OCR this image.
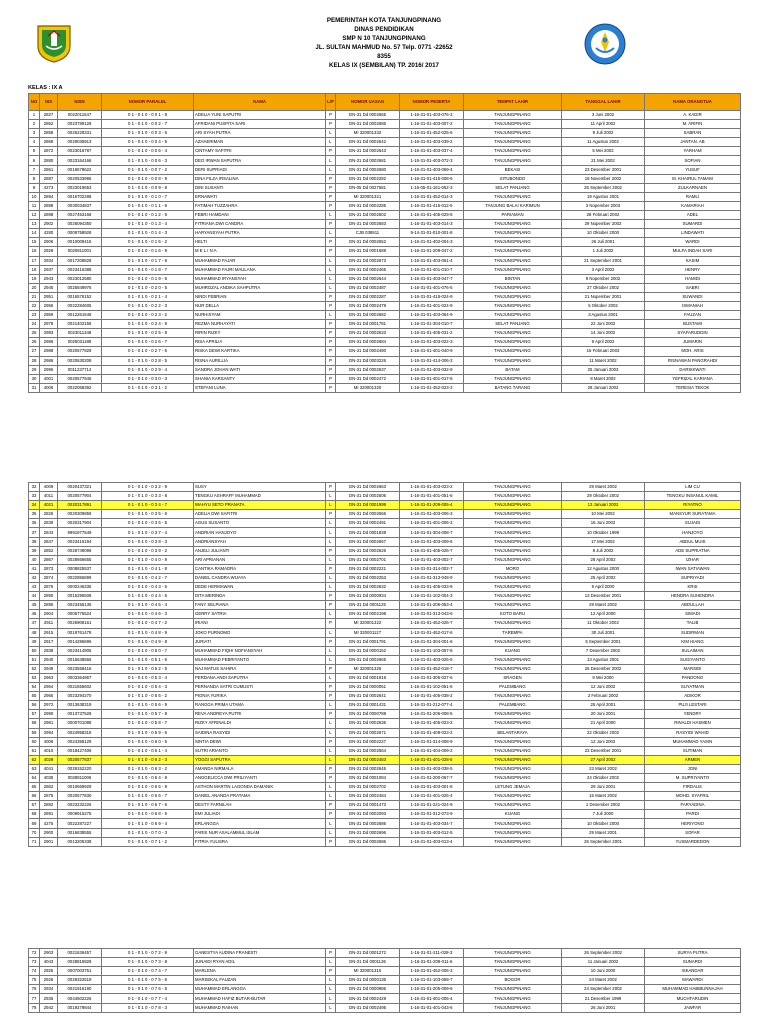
PEMERINTAH KOTA TANJUNGPINANG
DINAS PENDIDIKAN
SMP N 10 TANJUNGPINANG
JL. SULTAN MAHMUD No. 57 Telp. 0771 -22652
8355
KELAS IX (SEMBILAN) TP. 2016/ 2017
KELAS : IX A
NO	NIS	NISN	NOMOR PARALEL	NAMA	L/P	NOMOR UASAN	NOMOR PESERTA	TEMPAT LAHIR	TANGGAL LAHIR	NAMA ORANGTUA
1	2827	0022011547	0 1 - 0 1 0 - 0 0 1 - 8	ADELIA YUNI SAPUTRI	P	DN-31 Dd 0002665	1-16-31-01-403-076-3	TANJUNGPINANG	3 Juni 2002	A. KADIR
2	2852	0023789128	0 1 - 0 1 0 - 0 0 2 - 7	AFRIDANI PUSPITA SARI	P	DN-31 Dd 0002686	1-16-31-01-403-007-2	TANJUNGPINANG	11 April 2002	M. ARIFIN
3	2858	0026228331	0 1 - 0 1 0 - 0 0 3 - 6	ARI SYAH PUTRA	L	MI 320001332	1-16-31-01-452-025-6	TANJUNGPINANG	9 Juli 2002	SABRAN
4	2868	0029035913	0 1 - 0 1 0 - 0 0 4 - 5	AZHAERIMAN	L	DN-31 Dd 0002642	1-16-31-01-403-039-2	TANJUNGPINANG	11 Agustus 2002	JANTAN. AB
5	2872	0023016797	0 1 - 0 1 0 - 0 0 5 - 4	CINTAMY SAFITRI	P	DN-31 Dd 0002643	1-16-31-01-403-037-4	TANJUNGPINANG	5 Mei 2002	YARHAM
6	2880	0023164166	0 1 - 0 1 0 - 0 0 6 - 3	DEO IRWAN SAPUTRA	L	DN-31 Dd 0002681	1-16-31-01-403-072-3	TANJUNGPINANG	21 Mei 2002	SOFIAN
7	2861	0019678622	0 1 - 0 1 0 - 0 0 7 - 2	DERI SUPRIADI	L	DN-31 Dd 0002680	1-16-31-01-403-069-4	BEKASI	23 Desember 2001	YUSUF
8	2887	0020533995	0 1 - 0 1 0 - 0 0 8 - 9	DINA FILZA IRSALINA	P	DN-31 Dd 0002282	1-16-31-01-415-008-6	SITUBONDO	18 November 2002	M. KHAIRUL TAMAM
9	4273	0023019653	0 1 - 0 1 0 - 0 0 9 - 8	DINI SUSANTI	P	DN-05 Dd 0027581	1-16-05-01-161-062-3	SELAT PANJANG	26 September 2002	ZULKARNAEN
10	2894	0016702288	0 1 - 0 1 0 - 0 1 0 - 7	ERNAWATI	P	MI 320001321	1-16-31-01-452-014-3	TANJUNGPINANG	19 Agustus 2001	RAMLI
11	2898	0030034837	0 1 - 0 1 0 - 0 1 1 - 6	FATIMAH TUZZAHRA	P	DN-31 Dd 0002285	1-16-31-01-415-012-5	TANJUNG BALAI KARIMUN	3 Nopember 2003	KAMARIAH
12	2898	0027453168	0 1 - 0 1 0 - 0 1 2 - 5	FEBRI HAMDANI	L	DN-31 Dd 0002602	1-16-31-01-405-029-5	PARIAMAN	28 Februari 2002	ADEL
13	2902	0026094350	0 1 - 0 1 0 - 0 1 3 - 4	FITRIANA DWI CANDRA	P	DN-31 Dd 0002683	1-16-31-01-403-014-3	TANJUNGPINANG	29 Nopember 2002	SUMARDI
14	4280	0009758928	0 1 - 0 1 0 - 0 1 4 - 3	HARYANSYAH PUTRA	L	CJB 038911	9-14-31-01-010-001-8	TANJUNGPINANG	10 Oktober 2000	LINDAWATI
15	2906	0010009416	0 1 - 0 1 0 - 0 1 5 - 2	HELTI	P	DN-31 Dd 0002652	1-16-31-01-402-004-3	TANJUNGPINANG	26 Juli 2001	WARDI
16	2928	0020811001	0 1 - 0 1 0 - 0 1 6 - 9	M E L I N A	P	DN-31 Dd 0001689	1-16-31-01-209-047-2	TANJUNGPINANG	1 Juli 2002	MULFA INDAH SARI
17	2934	0017208828	0 1 - 0 1 0 - 0 1 7 - 8	MUHAMMAD FAJAR	L	DN-31 Dd 0002673	1-16-31-01-403-061-4	TANJUNGPINANG	21 September 2001	KASIM
18	2937	0023416388	0 1 - 0 1 0 - 0 1 8 - 7	MUHAMMAD FAJRI MAULANA	L	DN-31 Dd 0002465	1-16-31-01-401-010-7	TANJUNGPINANG	3 April 2002	HENRY
19	2943	0023012580	0 1 - 0 1 0 - 0 1 9 - 6	MUHAMMAD IRYANSYAH	L	DN-31 Dd 0002644	1-16-31-01-403-047-7	BINTAN	9 Nopember 2002	HAMIDI
20	2945	0025849976	0 1 - 0 1 0 - 0 2 0 - 5	MUHROZAL ANDIKA SAHPUTRA	L	DN-31 Dd 0002487	1-16-31-01-401-076-5	TANJUNGPINANG	27 Oktober 2002	SABRI
21	2951	0016576152	0 1 - 0 1 0 - 0 2 1 - 4	NINDI FEBRIAN	P	DN-31 Dd 0002287	1-16-31-01-415-024-9	TANJUNGPINANG	21 Nopember 2001	SUWANDI
22	2956	0022284605	0 1 - 0 1 0 - 0 2 2 - 3	NUR DELLA	P	DN-31 Dd 0002479	1-16-31-01-401-024-9	TANJUNGPINANG	5 Oktober 2002	ISMANIAH
23	2959	0012261548	0 1 - 0 1 0 - 0 2 3 - 2	NURHISYAM	L	DN-31 Dd 0002682	1-16-31-01-403-064-9	TANJUNGPINANG	3 Agustus 2001	FAUZAN
24	2978	0021402158	0 1 - 0 1 0 - 0 2 4 - 9	REZMA NURHAYATI	P	DN-31 Dd 0001781	1-16-31-01-304-010-7	SELAT PANJANG	22 Juni 2002	BUSTAMI
25	2983	0023011348	0 1 - 0 1 0 - 0 2 5 - 8	RIRIN RIZKY	P	DN-31 Dd 0002633	1-16-31-01-405-031-2	TANJUNGPINANG	14 Juni 2002	SYAFARUDDIN
26	2986	0025031188	0 1 - 0 1 0 - 0 2 6 - 7	RISA APRILIA	P	DN-31 Dd 0002684	1-16-31-01-403-022-3	TANJUNGPINANG	9 April 2002	JUMARIN
27	2988	0020577929	0 1 - 0 1 0 - 0 2 7 - 6	RISKA DEWI KARTIKA	P	DN-31 Dd 0002490	1-16-31-01-401-040-9	TANJUNGPINANG	16 Februari 2003	MOH. ARIS
28	2986	0020630208	0 1 - 0 1 0 - 0 2 8 - 5	RISNA AURILLIA	P	DN-31 Dd 0003226	1-16-31-01-414-006-3	TANJUNGPINANG	11 Maret 2002	RISNAWAN PANGRAHDI
29	2996	0011237714	0 1 - 0 1 0 - 0 2 9 - 4	SANDRA JOHAN WATI	P	DN-31 Dd 0002637	1-16-31-01-403-032-9	BATAM	25 Januari 2003	DARSIKWATI
30	4001	0020577946	0 1 - 0 1 0 - 0 3 0 - 3	SHANIA KARSANTY	P	DN-31 Dd 0002472	1-16-31-01-401-017-8	TANJUNGPINANG	8 Maret 2002	YEFRIZAL KARIANA
31	4006	0022068392	0 1 - 0 1 0 - 0 3 1 - 2	STEFANI LUNA	P	MI 320001320	1-16-31-01-452-023-3	BATANG TARANG	28 Januari 2002	TERESIA TEKOK
32	4009	0020437321	0 1 - 0 1 0 - 0 3 2 - 9	SUSY	P	DN-31 Dd 0002663	1-16-31-01-403-023-2	TANJUNGPINANG	29 Maret 2002	LIM CU
33	4011	0020577904	0 1 - 0 1 0 - 0 3 3 - 8	TENGKU ASHRAFF MUHAMMAD	L	DN-31 Dd 0002506	1-16-31-01-401-051-6	TANJUNGPINANG	29 Oktober 2002	TENGKU INSANUL KAMIL
34	4021	0020317891	0 1 - 0 1 0 - 0 3 4 - 7	WAHYU SETO PRANATA	L	DN-31 Dd 0001999	1-16-31-01-209-005-4	TANJUNGPINANG	13 Januari 2002	RIYATNO
35	2826	0020309859	0 1 - 0 1 0 - 0 3 5 - 6	ADELIA DWI SAFITRI	P	DN-31 Dd 0002666	1-16-31-01-403-006-3	TANJUNGPINANG	10 Mei 2002	MANSYUR SURATAMA
36	2839	0020317904	0 1 - 0 1 0 - 0 3 6 - 5	AGUS SUSANTO	L	DN-31 Dd 0002491	1-16-31-01-401-006-3	TANJUNGPINANG	16 Juni 2002	SUJADI
37	2843	9991977549	0 1 - 0 1 0 - 0 3 7 - 4	ANDRIAN HANJOYO	L	DN-31 Dd 0001838	1-16-31-01-304-008-7	TANJUNGPINANG	10 Oktober 1999	HANJOYO
38	2847	0023416194	0 1 - 0 1 0 - 0 3 8 - 3	ANDRIANSYAH	L	DN-31 Dd 0002667	1-16-31-01-403-009-6	TANJUNGPINANG	17 Mei 2002	ABDUL MUIS
39	2852	0028749096	0 1 - 0 1 0 - 0 3 9 - 2	ANJELI JULIANTI	P	DN-31 Dd 0002626	1-16-31-01-405-026-7	TANJUNGPINANG	8 Juli 2002	ADE SUPRIATNA
40	2867	0028666655	0 1 - 0 1 0 - 0 4 0 - 9	ARI APRIANAN	L	DN-31 Dd 0002701	1-16-31-01-403-002-7	TANJUNGPINANG	28 April 2002	IZHAR
41	2873	0008825537	0 1 - 0 1 0 - 0 4 1 - 8	CANTIKA RAMADRA	P	DN-31 Dd 0002221	1-16-31-01-314-002-7	MORO	12 Agustus 2000	IWAN SATIAWAN
42	2874	0022856899	0 1 - 0 1 0 - 0 4 2 - 7	DANIEL CANDRA WIJAYA	L	DN-31 Dd 0002253	1-16-31-01-313-048-9	TANJUNGPINANG	25 April 2002	SUPRIYADI
43	2876	0000246336	0 1 - 0 1 0 - 0 4 3 - 6	DEDE HERMAWAN	L	DN-31 Dd 0002632	1-16-31-01-405-033-8	TANJUNGPINANG	9 April 2000	KRIS
44	2890	0015296508	0 1 - 0 1 0 - 0 4 4 - 5	DITA MERINDA	P	DN-31 Dd 0000934	1-16-31-01-102-004-3	TANJUNGPINANG	13 Desember 2001	HENDRA SUHENDRA
45	2895	0023456135	0 1 - 0 1 0 - 0 4 5 - 4	FANY SELPIANA	P	DN-31 Dd 0001125	1-16-31-01-206-053-4	TANJUNGPINANG	29 Maret 2002	ABDULLAH
46	2904	0006775524	0 1 - 0 1 0 - 0 4 6 - 3	GERRY SATRIA	L	DN-31 Dd 0002198	1-16-31-01-313-043-6	KOTO BARU	12 April 2000	SIMADI
47	2911	0026908161	0 1 - 0 1 0 - 0 4 7 - 2	IRIANI	P	MI 320001322	1-16-31-01-452-026-7	TANJUNGPINANG	11 Oktober 2002	TALIB
48	2915	0018761478	0 1 - 0 1 0 - 0 4 8 - 9	JOKO PURNOMO	L	MI 320001127	1-13-31-01-452-017-6	TAREMPA	30 Juli 2001	SUDIRMAN
49	2917	0014296696	0 1 - 0 1 0 - 0 4 9 - 8	JURIATI	P	DN-31 Dd 0001791	1-16-31-01-304-001-6	TANJUNGPINANG	5 September 2001	KIM HIANG
50	2938	0023414905	0 1 - 0 1 0 - 0 5 0 - 7	MUHAMMAD FIQHI NOFIANSYAH	L	DN-31 Dd 0000152	1-16-31-01-103-057-8	KIJANG	7 Desember 2002	SULAIMAN
51	2940	0015638566	0 1 - 0 1 0 - 0 5 1 - 6	MUHAMMAD FEBRIYANTO	L	DN-31 Dd 0002665	1-16-31-01-403-026-5	TANJUNGPINANG	13 Agustus 2001	SUGIYANTO
52	2949	0023558416	0 1 - 0 1 0 - 0 5 2 - 5	NAJ MATUS SAHIRA	P	MI 320001325	1-16-31-01-452-018-7	TANJUNGPINANG	26 Desember 2002	MARSIDI
53	2963	0003364967	0 1 - 0 1 0 - 0 5 3 - 4	PERDANA ANDI SAPUTRA	L	DN-31 Dd 0001919	1-16-31-01-305-027-6	SRAGEN	9 Mei 2000	PANDONO
54	2964	0021656602	0 1 - 0 1 0 - 0 5 4 - 3	PERNANDA SATRI CUMUSTI	P	DN-31 Dd 0000051	1-16-31-01-102-051-6	PALEMBANG	12 Juni 2002	SUYATMAN
55	2965	0023294270	0 1 - 0 1 0 - 0 5 5 - 2	PIONIA YURIKA	P	DN-31 Dd 0002641	1-16-31-01-405-038-2	TANJUNGPINANG	2 Februari 2002	ADIKOR
56	2972	0013638319	0 1 - 0 1 0 - 0 5 6 - 9	RANGGA PRIMA UTAMA	L	DN-31 Dd 0001431	1-16-31-01-212-077-4	PALEMBANG	25 April 2001	PUJI LESTARI
57	2990	0013737528	0 1 - 0 1 0 - 0 5 7 - 8	REVA ANDREYA PUTRI	P	DN-31 Dd 0000788	1-16-31-01-206-008-5	TANJUNGPINANG	20 Juni 2001	YENDRY
58	2981	0000701088	0 1 - 0 1 0 - 0 5 8 - 7	RIZKY AFRINALDI	L	DN-31 Dd 0002636	1-16-31-01-405-023-2	TANJUNGPINANG	21 April 2000	RINALDI HASMEN
59	2994	0024958319	0 1 - 0 1 0 - 0 5 9 - 6	SAIDINA RASYIDI	L	DN-31 Dd 0002671	1-16-31-01-409-023-2	BELANTARAYA	22 Oktober 2002	RASYIDI WAHID
60	4006	0024358129	0 1 - 0 1 0 - 0 6 0 - 5	SINTIA DEWI	P	DN-31 Dd 0002227	1-16-31-01-314-008-9	TANJUNGPINANG	12 Juni 2002	MUHAMMAD YASIN
61	4010	0018427406	0 1 - 0 1 0 - 0 6 1 - 4	SUTRI ARIANTO	L	DN-31 Dd 0002564	1-16-31-01-404-009-2	TANJUNGPINANG	23 Desember 2001	SUTIMAN
62	4029	0020577837	0 1 - 0 1 0 - 0 6 2 - 3	YOGGI SAPUTRA	L	DN-31 Dd 0002483	1-16-31-01-401-028-5	TANJUNGPINANG	27 April 2002	ARMEN
63	4041	0029152220	0 1 - 0 1 0 - 0 6 3 - 2	AMANDA NIRMALA	P	DN-31 Dd 0002645	1-16-31-01-403-038-5	TANJUNGPINANG	23 Maret 2002	JONI
64	4035	0028811006	0 1 - 0 1 0 - 0 6 4 - 9	ANGGELICCA DWI PRILIYANTI	P	DN-31 Dd 0001084	1-16-31-01-200-067-7	TANJUNGPINANG	24 Oktober 2002	M. SUPRIYANTO
65	2862	0010669929	0 1 - 0 1 0 - 0 6 5 - 8	ASTHON MARTIN LAGONDA DAMANIK	L	DN-31 Dd 0002702	1-16-31-01-403-001-8	LETUNG JEMAJA	29 Juni 2001	FIRDAUS
66	2875	0020577830	0 1 - 0 1 0 - 0 6 6 - 7	DANIEL ANANDA PRATAMA	L	DN-31 Dd 0002484	1-16-31-01-401-026-4	TANJUNGPINANG	15 Maret 2002	MOHD. SYAFRIL
67	2882	0023232226	0 1 - 0 1 0 - 0 6 7 - 6	DESTY FARNILAH	P	DN-31 Dd 0001473	1-16-31-01-221-024-9	TANJUNGPINANG	1 Desember 2002	FARYADINA
68	2891	0009915275	0 1 - 0 1 0 - 0 6 8 - 5	EMI JULIADI	P	DN-31 Dd 0002093	1-16-31-01-312-073-9	KIJANG	7 Juli 2000	PARDI
69	4275	0022287227	0 1 - 0 1 0 - 0 6 9 - 4	ERLANGGA	L	DN-31 Dd 0002686	1-16-31-01-403-034-7	TANJUNGPINANG	10 Oktober 2000	HERIYONO
70	2900	0016838555	0 1 - 0 1 0 - 0 7 0 - 3	FARIS NUR ASALAMMUL ISLAM	L	DN-31 Dd 0002696	1-16-31-01-403-012-5	TANJUNGPINANG	29 Maret 2001	SOFAR
71	2901	0013205338	0 1 - 0 1 0 - 0 7 1 - 2	FITRIA YULISRA	P	DN-31 Dd 0002686	1-16-31-01-403-013-4	TANJUNGPINANG	26 September 2001	YUSMARDEDON
72	2903	0021636457	0 1 - 0 1 0 - 0 7 2 - 9	GANESTYA AUDINA FRANESTI	P	DN-31 Dd 0001272	1-16-31-01-211-028-3	TANJUNGPINANG	26 September 2002	SURYA PUTRA
73	4043	0028815828	0 1 - 0 1 0 - 0 7 3 - 8	JUNAIDI RYAN ADIL	L	DN-31 Dd 0001136	1-16-31-01-209-011-6	TANJUNGPINANG	11 Januari 2002	SUNARDI
74	2925	0007003751	0 1 - 0 1 0 - 0 7 4 - 7	MARLENA	P	MI 320001310	1-16-31-01-452-005-3	TANJUNGPINANG	10 Juni 2000	ISKANDAR
75	2926	0029322519	0 1 - 0 1 0 - 0 7 5 - 6	MARSEKAL FAUZAN	L	DN-31 Dd 0000136	1-16-31-01-103-058-7	BOGOR	24 Maret 2002	MAWARDI
76	2934	0021916190	0 1 - 0 1 0 - 0 7 6 - 5	MUHAMMAD ERLANGGA	L	DN-31 Dd 0000986	1-16-31-01-205-009-6	TANJUNGPINANG	24 September 2002	MUHAMMAD HABIBUNNAJAH
77	2935	0044502226	0 1 - 0 1 0 - 0 7 7 - 4	MUHAMMAD HAFIZ BUTAR-BUTAR	L	DN-31 Dd 0002429	1-16-31-01-401-005-4	TANJUNGPINANG	21 Desember 1999	MUCHTARUDIN
78	2942	0019279844	0 1 - 0 1 0 - 0 7 8 - 3	MUHAMMAD RAIHAN	L	DN-31 Dd 0002495	1-16-31-01-401-043-6	TANJUNGPINANG	26 Juni 2001	JAWFAR
